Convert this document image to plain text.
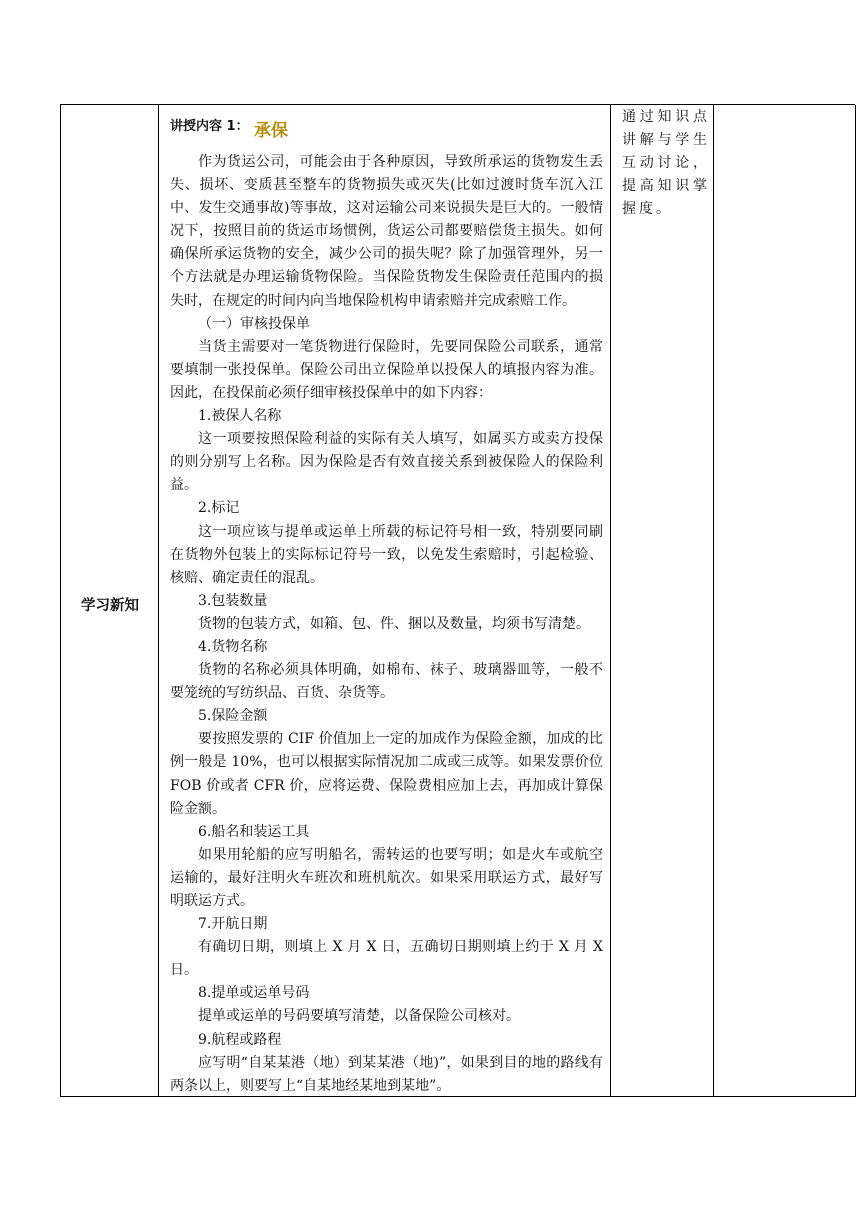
学习新知
讲授内容 1： 承保

作为货运公司，可能会由于各种原因，导致所承运的货物发生丢失、损坏、变质甚至整车的货物损失或灭失(比如过渡时货车沉入江中、发生交通事故)等事故，这对运输公司来说损失是巨大的。一般情况下，按照目前的货运市场惯例，货运公司都要赔偿货主损失。如何确保所承运货物的安全，减少公司的损失呢？除了加强管理外，另一个方法就是办理运输货物保险。当保险货物发生保险责任范围内的损失时，在规定的时间内向当地保险机构申请索赔并完成索赔工作。

（一）审核投保单

当货主需要对一笔货物进行保险时，先要同保险公司联系，通常要填制一张投保单。保险公司出立保险单以投保人的填报内容为准。因此，在投保前必须仔细审核投保单中的如下内容：

1.被保人名称

这一项要按照保险利益的实际有关人填写，如属买方或卖方投保的则分别写上名称。因为保险是否有效直接关系到被保险人的保险利益。

2.标记

这一项应该与提单或运单上所载的标记符号相一致，特别要同刷在货物外包装上的实际标记符号一致，以免发生索赔时，引起检验、核赔、确定责任的混乱。

3.包装数量

货物的包装方式，如箱、包、件、捆以及数量，均须书写清楚。

4.货物名称

货物的名称必须具体明确，如棉布、袜子、玻璃器皿等，一般不要笼统的写纺织品、百货、杂货等。

5.保险金额

要按照发票的 CIF 价值加上一定的加成作为保险金额，加成的比例一般是 10%，也可以根据实际情况加二成或三成等。如果发票价位 FOB 价或者 CFR 价，应将运费、保险费相应加上去，再加成计算保险金额。

6.船名和装运工具

如果用轮船的应写明船名，需转运的也要写明；如是火车或航空运输的，最好注明火车班次和班机航次。如果采用联运方式，最好写明联运方式。

7.开航日期

有确切日期，则填上 X 月 X 日，五确切日期则填上约于 X 月 X 日。

8.提单或运单号码

提单或运单的号码要填写清楚，以备保险公司核对。

9.航程或路程

应写明“自某某港（地）到某某港（地)”，如果到目的地的路线有两条以上，则要写上“自某地经某地到某地”。

通过知识点讲解与学生互动讨论，提高知识掌握度。
